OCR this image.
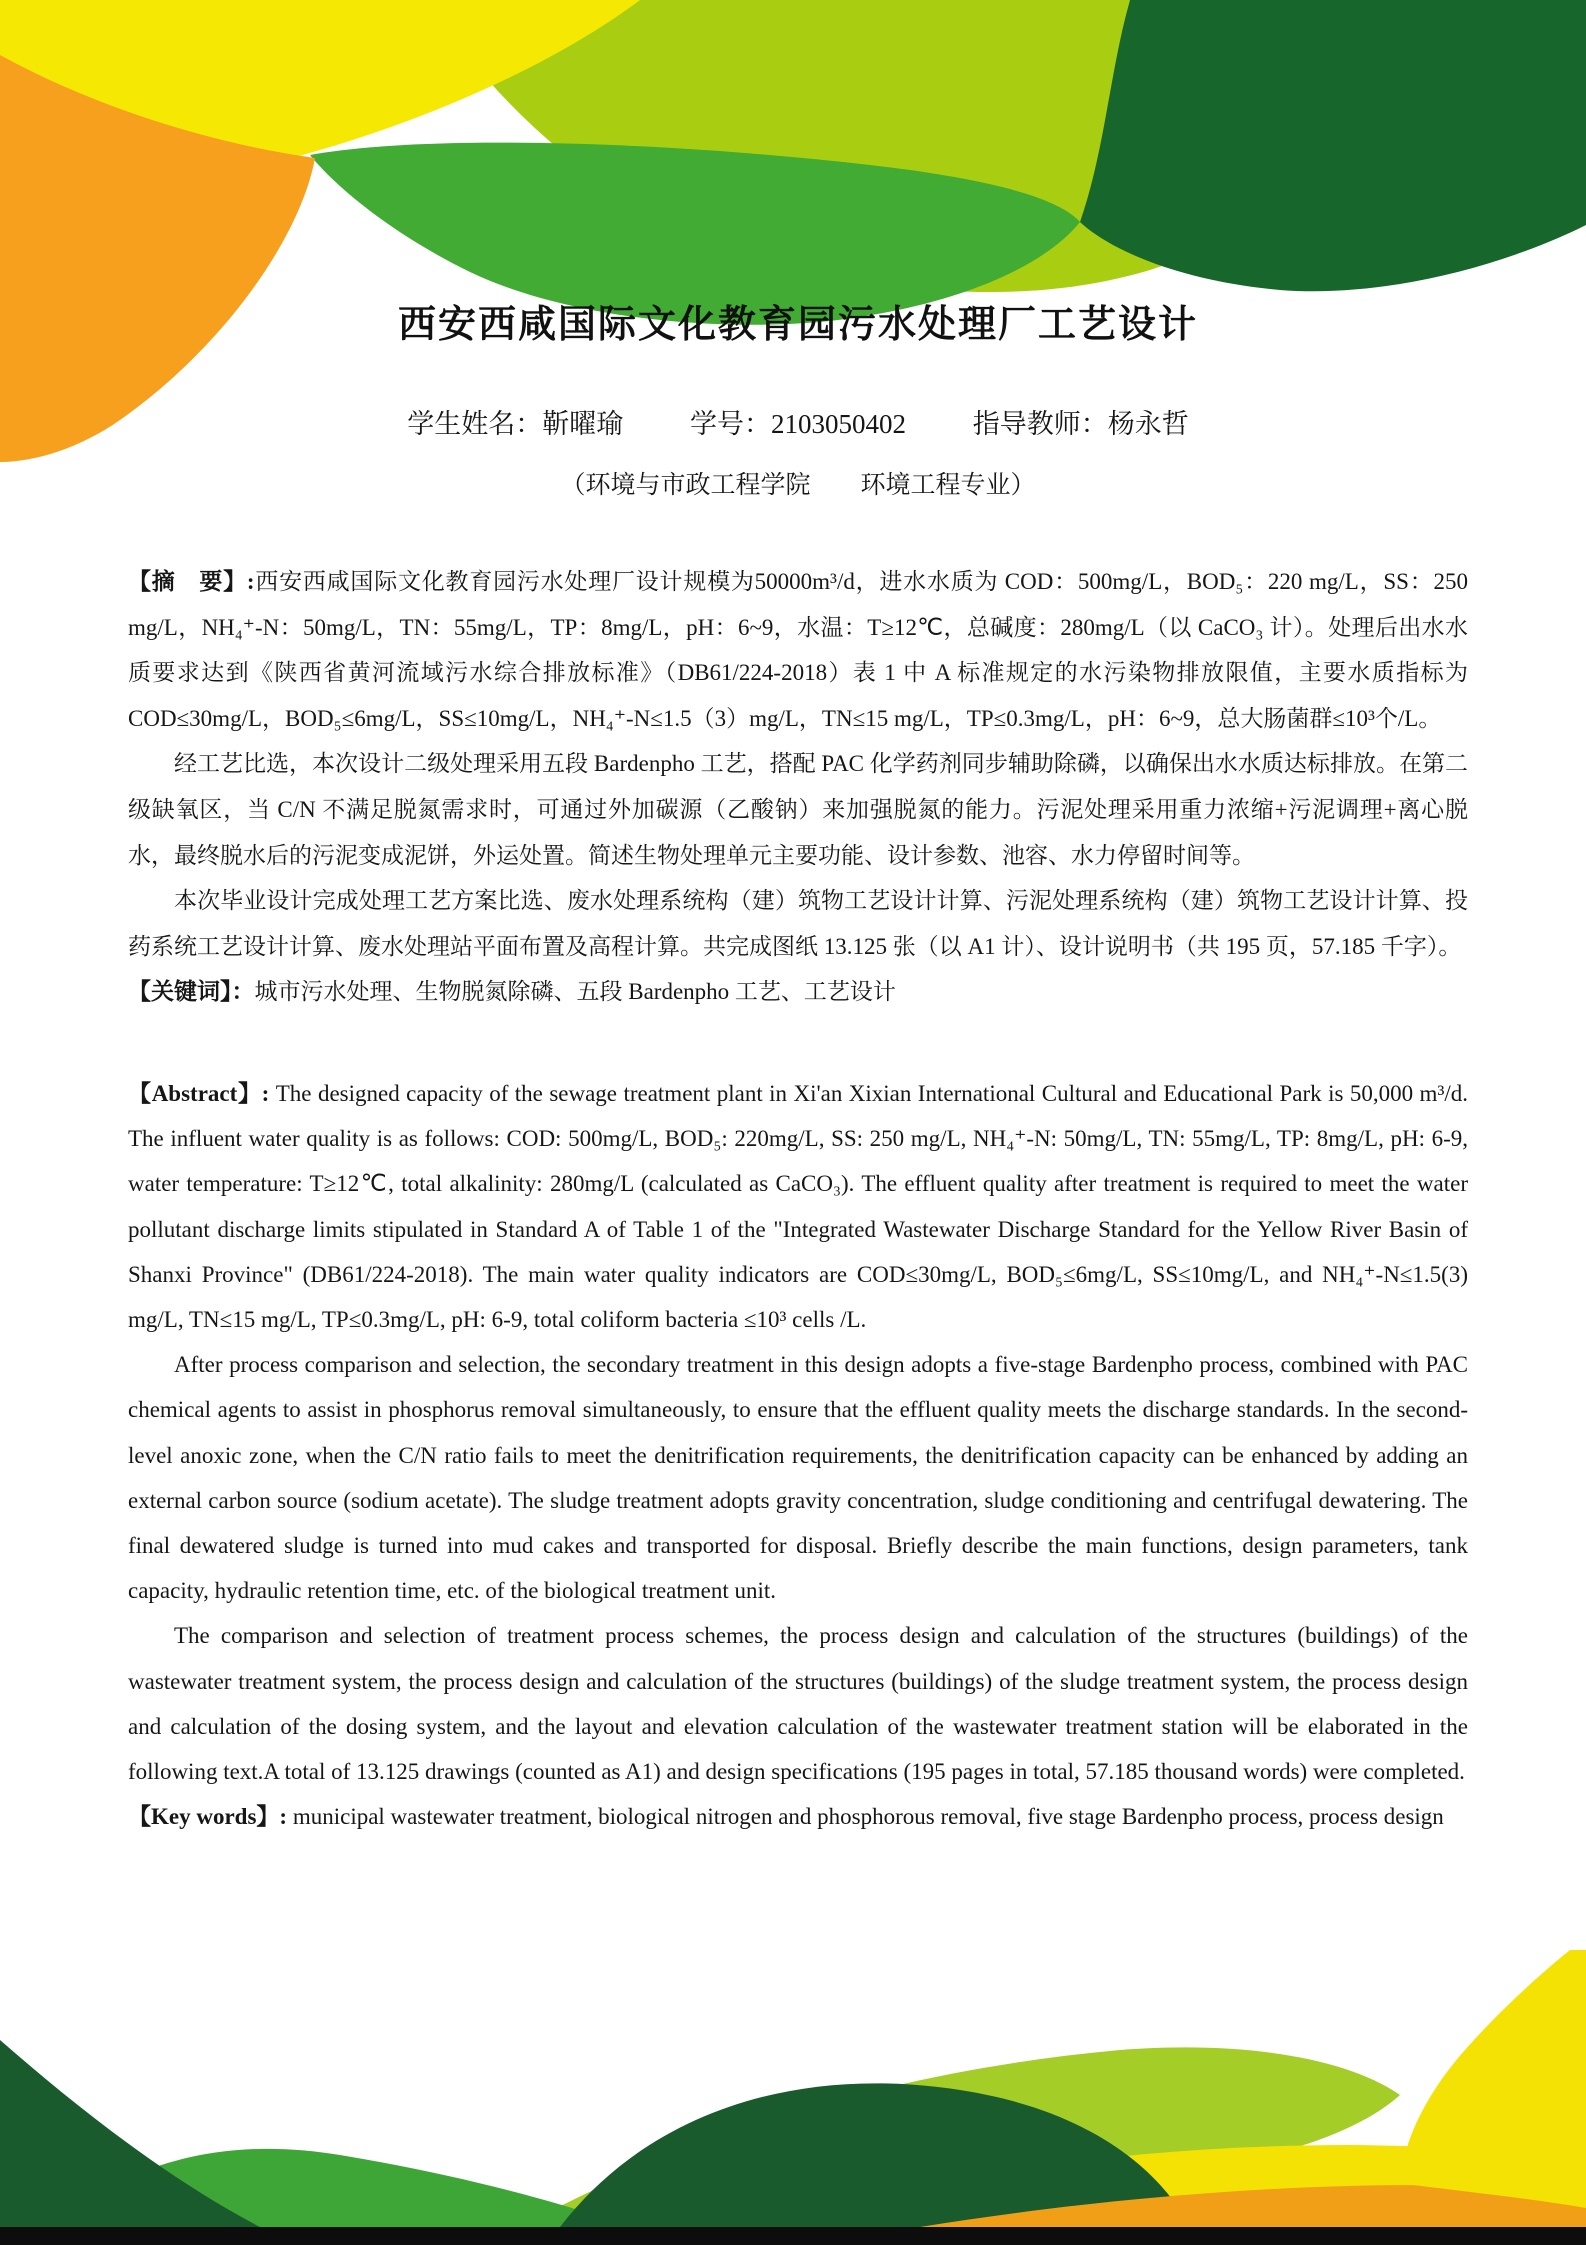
西安西咸国际文化教育园污水处理厂工艺设计
学生姓名：靳曜瑜 学号：2103050402 指导教师：杨永哲
（环境与市政工程学院　　环境工程专业）

【摘　要】:西安西咸国际文化教育园污水处理厂设计规模为50000m³/d，进水水质为 COD：500mg/L，BOD₅：220 mg/L，SS：250 mg/L，NH₄⁺-N：50mg/L，TN：55mg/L，TP：8mg/L，pH：6~9，水温：T≥12℃，总碱度：280mg/L（以 CaCO₃ 计）。处理后出水水质要求达到《陕西省黄河流域污水综合排放标准》（DB61/224-2018）表 1 中 A 标准规定的水污染物排放限值，主要水质指标为 COD≤30mg/L，BOD₅≤6mg/L，SS≤10mg/L，NH₄⁺-N≤1.5（3）mg/L，TN≤15 mg/L，TP≤0.3mg/L，pH：6~9，总大肠菌群≤10³个/L。

经工艺比选，本次设计二级处理采用五段 Bardenpho 工艺，搭配 PAC 化学药剂同步辅助除磷，以确保出水水质达标排放。在第二级缺氧区，当 C/N 不满足脱氮需求时，可通过外加碳源（乙酸钠）来加强脱氮的能力。污泥处理采用重力浓缩+污泥调理+离心脱水，最终脱水后的污泥变成泥饼，外运处置。简述生物处理单元主要功能、设计参数、池容、水力停留时间等。

本次毕业设计完成处理工艺方案比选、废水处理系统构（建）筑物工艺设计计算、污泥处理系统构（建）筑物工艺设计计算、投药系统工艺设计计算、废水处理站平面布置及高程计算。共完成图纸 13.125 张（以 A1 计）、设计说明书（共 195 页，57.185 千字）。

【关键词】：城市污水处理、生物脱氮除磷、五段 Bardenpho 工艺、工艺设计

【Abstract】: The designed capacity of the sewage treatment plant in Xi'an Xixian International Cultural and Educational Park is 50,000 m³/d. The influent water quality is as follows: COD: 500mg/L, BOD₅: 220mg/L, SS: 250 mg/L, NH₄⁺-N: 50mg/L, TN: 55mg/L, TP: 8mg/L, pH: 6-9, water temperature: T≥12℃, total alkalinity: 280mg/L (calculated as CaCO₃). The effluent quality after treatment is required to meet the water pollutant discharge limits stipulated in Standard A of Table 1 of the "Integrated Wastewater Discharge Standard for the Yellow River Basin of Shanxi Province" (DB61/224-2018). The main water quality indicators are COD≤30mg/L, BOD₅≤6mg/L, SS≤10mg/L, and NH₄⁺-N≤1.5(3) mg/L, TN≤15 mg/L, TP≤0.3mg/L, pH: 6-9, total coliform bacteria ≤10³ cells /L.

After process comparison and selection, the secondary treatment in this design adopts a five-stage Bardenpho process, combined with PAC chemical agents to assist in phosphorus removal simultaneously, to ensure that the effluent quality meets the discharge standards. In the second-level anoxic zone, when the C/N ratio fails to meet the denitrification requirements, the denitrification capacity can be enhanced by adding an external carbon source (sodium acetate). The sludge treatment adopts gravity concentration, sludge conditioning and centrifugal dewatering. The final dewatered sludge is turned into mud cakes and transported for disposal. Briefly describe the main functions, design parameters, tank capacity, hydraulic retention time, etc. of the biological treatment unit.

The comparison and selection of treatment process schemes, the process design and calculation of the structures (buildings) of the wastewater treatment system, the process design and calculation of the structures (buildings) of the sludge treatment system, the process design and calculation of the dosing system, and the layout and elevation calculation of the wastewater treatment station will be elaborated in the following text.A total of 13.125 drawings (counted as A1) and design specifications (195 pages in total, 57.185 thousand words) were completed.

【Key words】: municipal wastewater treatment, biological nitrogen and phosphorous removal, five stage Bardenpho process, process design
